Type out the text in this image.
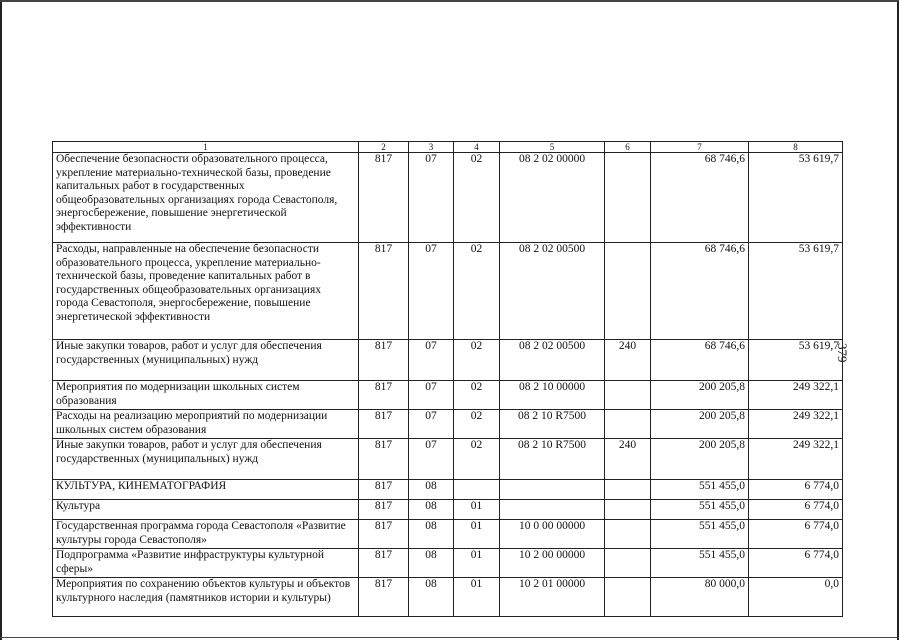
379
1	2	3	4	5	6	7	8
Обеспечение безопасности образовательного процесса, укрепление материально-технической базы, проведение капитальных работ в государственных общеобразовательных организациях города Севастополя, энергосбережение, повышение энергетической эффективности	817	07	02	08 2 02 00000		68 746,6	53 619,7
Расходы, направленные на обеспечение безопасности образовательного процесса, укрепление материально-технической базы, проведение капитальных работ в государственных общеобразовательных организациях города Севастополя, энергосбережение, повышение энергетической эффективности	817	07	02	08 2 02 00500		68 746,6	53 619,7
Иные закупки товаров, работ и услуг для обеспечения государственных (муниципальных) нужд	817	07	02	08 2 02 00500	240	68 746,6	53 619,7
Мероприятия по модернизации школьных систем образования	817	07	02	08 2 10 00000		200 205,8	249 322,1
Расходы на реализацию мероприятий по модернизации школьных систем образования	817	07	02	08 2 10 R7500		200 205,8	249 322,1
Иные закупки товаров, работ и услуг для обеспечения государственных (муниципальных) нужд	817	07	02	08 2 10 R7500	240	200 205,8	249 322,1
КУЛЬТУРА, КИНЕМАТОГРАФИЯ	817	08				551 455,0	6 774,0
Культура	817	08	01			551 455,0	6 774,0
Государственная программа города Севастополя «Развитие культуры города Севастополя»	817	08	01	10 0 00 00000		551 455,0	6 774,0
Подпрограмма «Развитие инфраструктуры культурной сферы»	817	08	01	10 2 00 00000		551 455,0	6 774,0
Мероприятия по сохранению объектов культуры и объектов культурного наследия (памятников истории и культуры)	817	08	01	10 2 01 00000		80 000,0	0,0
